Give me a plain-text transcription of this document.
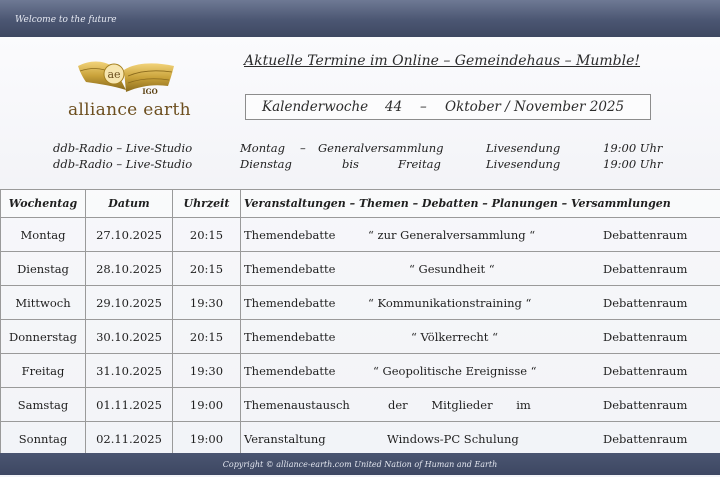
Welcome to the future
ae
IGO
alliance earth
Aktuelle Termine im Online – Gemeindehaus – Mumble!
Kalenderwoche 44 – Oktober / November 2025
ddb-Radio – Live-Studio	Montag – Generalversammlung	Livesendung	19:00 Uhr
ddb-Radio – Live-Studio	Dienstag	bis	Freitag	Livesendung	19:00 Uhr
Wochentag	Datum	Uhrzeit	Veranstaltungen – Themen – Debatten – Planungen – Versammlungen
Montag	27.10.2025	20:15	Themendebatte “ zur Generalversammlung “ Debattenraum

Dienstag	28.10.2025	20:15	Themendebatte “ Gesundheit “ Debattenraum

Mittwoch	29.10.2025	19:30	Themendebatte “ Kommunikationstraining “ Debattenraum

Donnerstag	30.10.2025	20:15	Themendebatte “ Völkerrecht “ Debattenraum

Freitag	31.10.2025	19:30	Themendebatte “ Geopolitische Ereignisse “ Debattenraum

Samstag	01.11.2025	19:00	Themenaustausch der Mitglieder im Debattenraum

Sonntag	02.11.2025	19:00	Veranstaltung Windows-PC Schulung Debattenraum
Copyright © alliance-earth.com United Nation of Human and Earth
